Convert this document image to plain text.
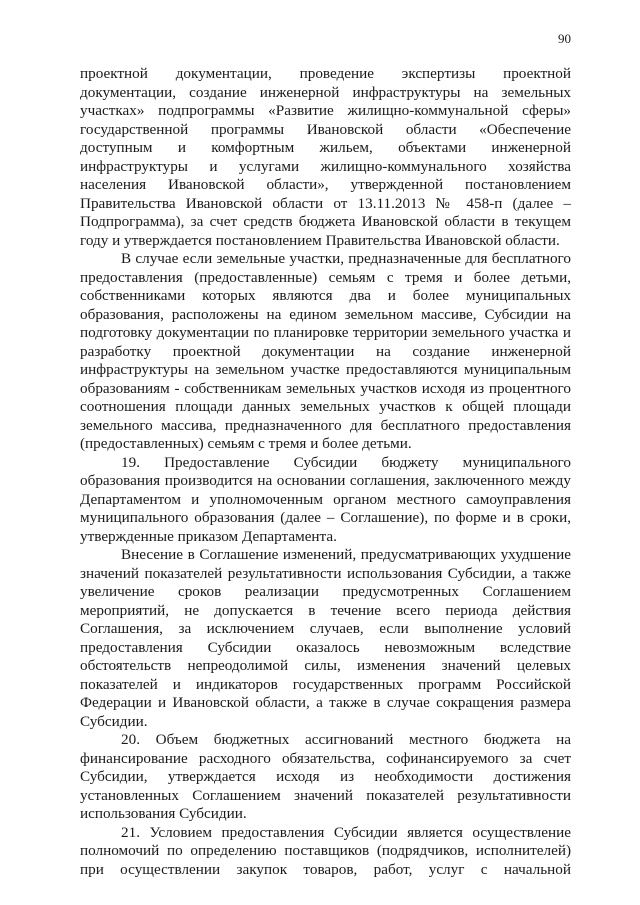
90
проектной документации, проведение экспертизы проектной
документации, создание инженерной инфраструктуры на земельных
участках» подпрограммы «Развитие жилищно-коммунальной сферы»
государственной программы Ивановской области «Обеспечение
доступным и комфортным жильем, объектами инженерной
инфраструктуры и услугами жилищно-коммунального хозяйства
населения Ивановской области», утвержденной постановлением
Правительства Ивановской области от 13.11.2013 № 458-п (далее –
Подпрограмма), за счет средств бюджета Ивановской области в текущем
году и утверждается постановлением Правительства Ивановской области.
В случае если земельные участки, предназначенные для бесплатного
предоставления (предоставленные) семьям с тремя и более детьми,
собственниками которых являются два и более муниципальных
образования, расположены на едином земельном массиве, Субсидии на
подготовку документации по планировке территории земельного участка и
разработку проектной документации на создание инженерной
инфраструктуры на земельном участке предоставляются муниципальным
образованиям - собственникам земельных участков исходя из процентного
соотношения площади данных земельных участков к общей площади
земельного массива, предназначенного для бесплатного предоставления
(предоставленных) семьям с тремя и более детьми.
19. Предоставление Субсидии бюджету муниципального
образования производится на основании соглашения, заключенного между
Департаментом и уполномоченным органом местного самоуправления
муниципального образования (далее – Соглашение), по форме и в сроки,
утвержденные приказом Департамента.
Внесение в Соглашение изменений, предусматривающих ухудшение
значений показателей результативности использования Субсидии, а также
увеличение сроков реализации предусмотренных Соглашением
мероприятий, не допускается в течение всего периода действия
Соглашения, за исключением случаев, если выполнение условий
предоставления Субсидии оказалось невозможным вследствие
обстоятельств непреодолимой силы, изменения значений целевых
показателей и индикаторов государственных программ Российской
Федерации и Ивановской области, а также в случае сокращения размера
Субсидии.
20. Объем бюджетных ассигнований местного бюджета на
финансирование расходного обязательства, софинансируемого за счет
Субсидии, утверждается исходя из необходимости достижения
установленных Соглашением значений показателей результативности
использования Субсидии.
21. Условием предоставления Субсидии является осуществление
полномочий по определению поставщиков (подрядчиков, исполнителей)
при осуществлении закупок товаров, работ, услуг с начальной
